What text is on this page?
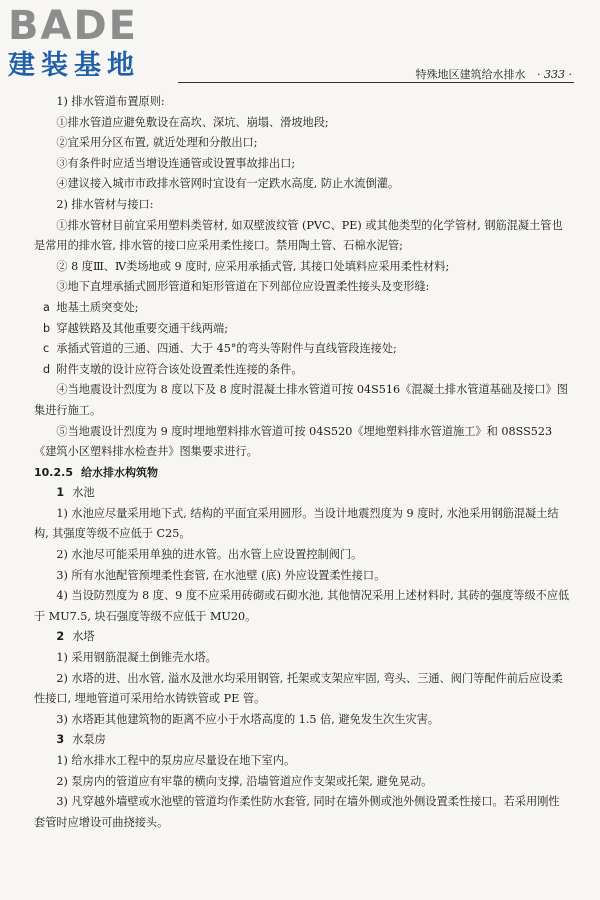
BADE
建装基地	特殊地区建筑给水排水 · 333 ·

1) 排水管道布置原则:

①排水管道应避免敷设在高坎、深坑、崩塌、滑坡地段;

②宜采用分区布置, 就近处理和分散出口;

③有条件时应适当增设连通管或设置事故排出口;

④建议接入城市市政排水管网时宜设有一定跌水高度, 防止水流倒灌。

2) 排水管材与接口:

①排水管材目前宜采用塑料类管材, 如双壁波纹管 (PVC、PE) 或其他类型的化学管材, 钢筋混凝土管也是常用的排水管, 排水管的接口应采用柔性接口。禁用陶土管、石棉水泥管;

② 8 度Ⅲ、Ⅳ类场地或 9 度时, 应采用承插式管, 其接口处填料应采用柔性材料;

③地下直埋承插式圆形管道和矩形管道在下列部位应设置柔性接头及变形缝:

a 地基土质突变处;

b 穿越铁路及其他重要交通干线两端;

c 承插式管道的三通、四通、大于 45°的弯头等附件与直线管段连接处;

d 附件支墩的设计应符合该处设置柔性连接的条件。

④当地震设计烈度为 8 度以下及 8 度时混凝土排水管道可按 04S516《混凝土排水管道基础及接口》图集进行施工。

⑤当地震设计烈度为 9 度时埋地塑料排水管道可按 04S520《埋地塑料排水管道施工》和 08SS523《建筑小区塑料排水检查井》图集要求进行。

10.2.5 给水排水构筑物

1 水池

1) 水池应尽量采用地下式, 结构的平面宜采用圆形。当设计地震烈度为 9 度时, 水池采用钢筋混凝土结构, 其强度等级不应低于 C25。

2) 水池尽可能采用单独的进水管。出水管上应设置控制阀门。

3) 所有水池配管预埋柔性套管, 在水池壁 (底) 外应设置柔性接口。

4) 当设防烈度为 8 度、9 度不应采用砖砌或石砌水池, 其他情况采用上述材料时, 其砖的强度等级不应低于 MU7.5, 块石强度等级不应低于 MU20。

2 水塔

1) 采用钢筋混凝土倒锥壳水塔。

2) 水塔的进、出水管, 溢水及泄水均采用钢管, 托架或支架应牢固, 弯头、三通、阀门等配件前后应设柔性接口, 埋地管道可采用给水铸铁管或 PE 管。

3) 水塔距其他建筑物的距离不应小于水塔高度的 1.5 倍, 避免发生次生灾害。

3 水泵房

1) 给水排水工程中的泵房应尽量设在地下室内。

2) 泵房内的管道应有牢靠的横向支撑, 沿墙管道应作支架或托架, 避免晃动。

3) 凡穿越外墙壁或水池壁的管道均作柔性防水套管, 同时在墙外侧或池外侧设置柔性接口。若采用刚性套管时应增设可曲挠接头。
